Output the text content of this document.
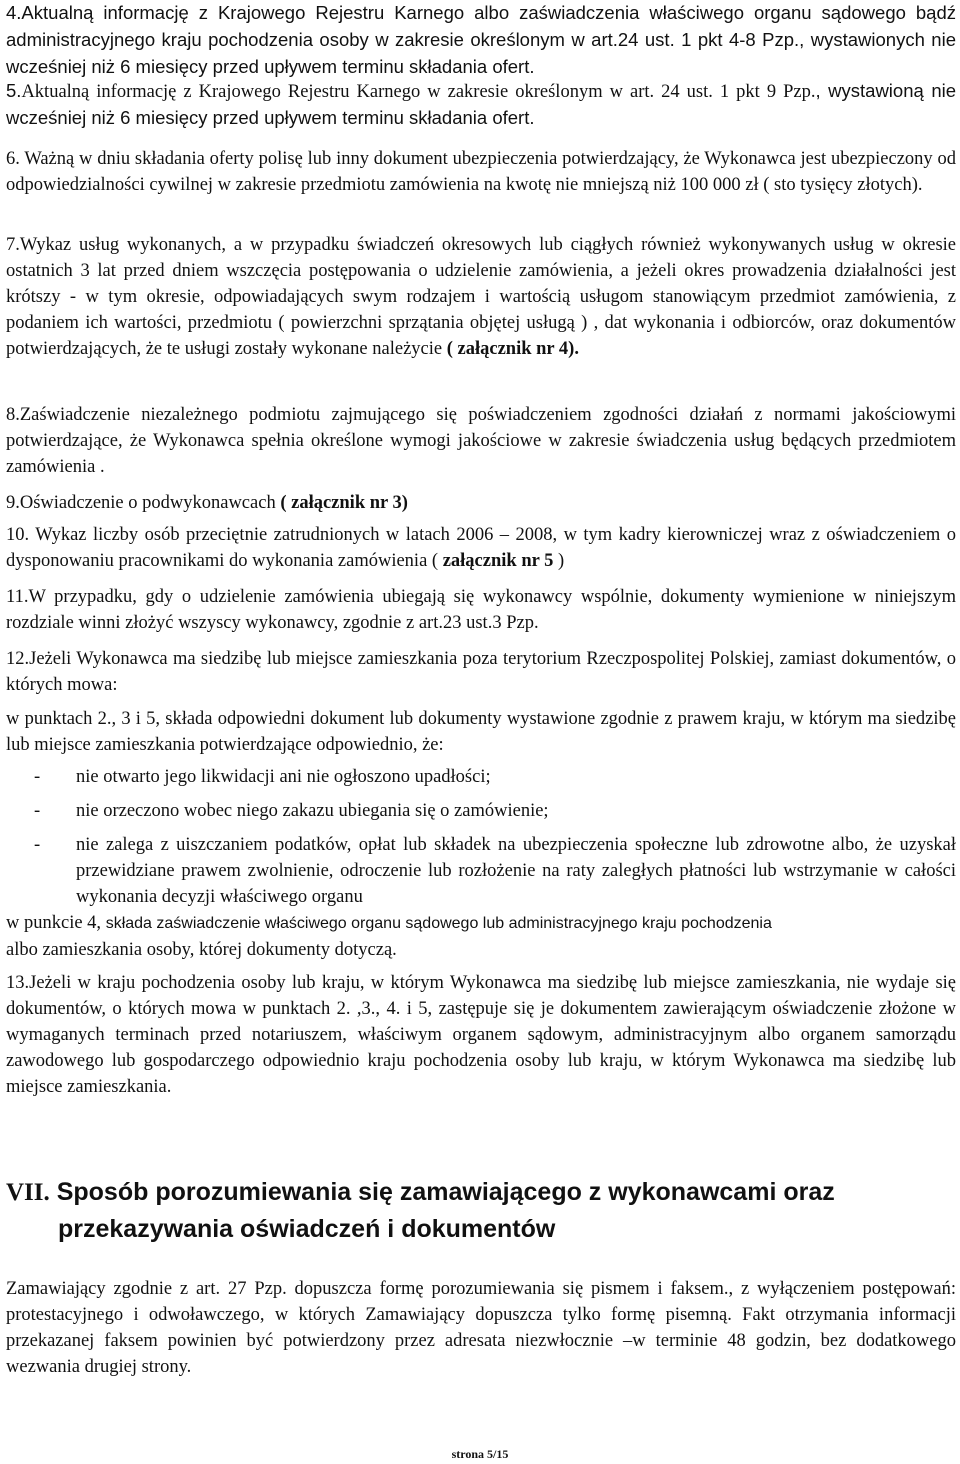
4.Aktualną informację z Krajowego Rejestru Karnego albo zaświadczenia właściwego organu sądowego bądź administracyjnego kraju pochodzenia osoby w zakresie określonym w art.24 ust. 1 pkt 4-8 Pzp., wystawionych nie wcześniej niż 6 miesięcy przed upływem terminu składania ofert.
5.Aktualną informację z Krajowego Rejestru Karnego w zakresie określonym w art. 24 ust. 1 pkt 9 Pzp., wystawioną nie wcześniej niż 6 miesięcy przed upływem terminu składania ofert.
6. Ważną w dniu składania oferty polisę lub inny dokument ubezpieczenia potwierdzający, że Wykonawca jest ubezpieczony od odpowiedzialności cywilnej w zakresie przedmiotu zamówienia na kwotę nie mniejszą niż 100 000 zł ( sto tysięcy złotych).
7.Wykaz usług wykonanych, a w przypadku świadczeń okresowych lub ciągłych również wykonywanych usług w okresie ostatnich 3 lat przed dniem wszczęcia postępowania o udzielenie zamówienia, a jeżeli okres prowadzenia działalności jest krótszy - w tym okresie, odpowiadających swym rodzajem i wartością usługom stanowiącym przedmiot zamówienia, z podaniem ich wartości, przedmiotu ( powierzchni sprzątania objętej usługą ) , dat wykonania i odbiorców, oraz dokumentów potwierdzających, że te usługi zostały wykonane należycie ( załącznik nr 4).
8.Zaświadczenie niezależnego podmiotu zajmującego się poświadczeniem zgodności działań z normami jakościowymi potwierdzające, że Wykonawca spełnia określone wymogi jakościowe w zakresie świadczenia usług będących przedmiotem zamówienia .
9.Oświadczenie o podwykonawcach ( załącznik nr 3)
10. Wykaz liczby osób przeciętnie zatrudnionych w latach 2006 – 2008, w tym kadry kierowniczej wraz z oświadczeniem o dysponowaniu pracownikami do wykonania zamówienia ( załącznik nr 5 )
11.W przypadku, gdy o udzielenie zamówienia ubiegają się wykonawcy wspólnie, dokumenty wymienione w niniejszym rozdziale winni złożyć wszyscy wykonawcy, zgodnie z art.23 ust.3 Pzp.
12.Jeżeli Wykonawca ma siedzibę lub miejsce zamieszkania poza terytorium Rzeczpospolitej Polskiej, zamiast dokumentów, o których mowa:
w punktach 2., 3 i 5, składa odpowiedni dokument lub dokumenty wystawione zgodnie z prawem kraju, w którym ma siedzibę lub miejsce zamieszkania potwierdzające odpowiednio, że:
- nie otwarto jego likwidacji ani nie ogłoszono upadłości;
- nie orzeczono wobec niego zakazu ubiegania się o zamówienie;
- nie zalega z uiszczaniem podatków, opłat lub składek na ubezpieczenia społeczne lub zdrowotne albo, że uzyskał przewidziane prawem zwolnienie, odroczenie lub rozłożenie na raty zaległych płatności lub wstrzymanie w całości wykonania decyzji właściwego organu
w punkcie 4, składa zaświadczenie właściwego organu sądowego lub administracyjnego kraju pochodzenia
albo zamieszkania osoby, której dokumenty dotyczą.
13.Jeżeli w kraju pochodzenia osoby lub kraju, w którym Wykonawca ma siedzibę lub miejsce zamieszkania, nie wydaje się dokumentów, o których mowa w punktach 2. ,3., 4. i 5, zastępuje się je dokumentem zawierającym oświadczenie złożone w wymaganych terminach przed notariuszem, właściwym organem sądowym, administracyjnym albo organem samorządu zawodowego lub gospodarczego odpowiednio kraju pochodzenia osoby lub kraju, w którym Wykonawca ma siedzibę lub miejsce zamieszkania.
VII. Sposób porozumiewania się zamawiającego z wykonawcami oraz
przekazywania oświadczeń i dokumentów
Zamawiający zgodnie z art. 27 Pzp. dopuszcza formę porozumiewania się pismem i faksem., z wyłączeniem postępowań: protestacyjnego i odwoławczego, w których Zamawiający dopuszcza tylko formę pisemną. Fakt otrzymania informacji przekazanej faksem powinien być potwierdzony przez adresata niezwłocznie –w terminie 48 godzin, bez dodatkowego wezwania drugiej strony.
strona 5/15
